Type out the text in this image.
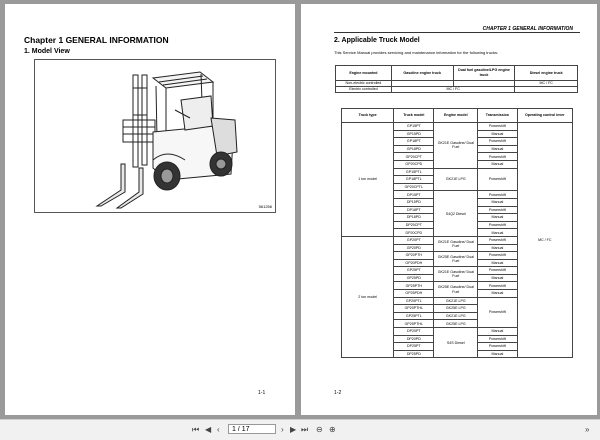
Chapter 1 GENERAL INFORMATION
1. Model View
561256
1-1
CHAPTER 1 GENERAL INFORMATION
2. Applicable Truck Model
This Service Manual provides servicing and maintenance information for the following trucks:
Engine mounted	Gasoline engine truck	Dual fuel gasoline/LPG engine truck	Diesel engine truck
Non-electric controlled			MC / FC
Electric controlled	MC / FC		
Truck type	Truck model	Engine model	Transmission	Operating control lever
1 ton model	GP15PT	GK21E Gasoline/ Dual Fuel	Powershift	MC / FC
	GP15PD		Manual	
	GP18PT		Powershift	
	GP18PD		Manual	
	GP20CPT		Powershift	
	GP20CPD		Manual	
	GP15PTL	GK21E LPG	Powershift	
	GP18PTL			
	GP20CPTL			
	DP15PT	S4Q2 Diesel	Powershift	
	DP15PD		Manual	
	DP18PT		Powershift	
	DP18PD		Manual	
	DP20CPT		Powershift	
	DP20CPD		Manual	
2 ton model	GP20PT	GK21E Gasoline/ Dual Fuel	Powershift	
	GP20PD		Manual	
	GP20PTH	GK25E Gasoline/ Dual Fuel	Powershift	
	GP20PDH		Manual	
	GP25PT	GK21E Gasoline/ Dual Fuel	Powershift	
	GP25PD		Manual	
	GP25PTH	GK25E Gasoline/ Dual Fuel	Powershift	
	GP25PDH		Manual	
	GP20PTL	GK21E LPG	Powershift	
	GP20PTHL	GK25E LPG		
	GP25PTL	GK21E LPG		
	GP25PTHL	GK25E LPG		
	DP20PT	S4S Diesel	Manual	
	DP20PD		Powershift	
	DP25PT		Powershift	
	DP25PD		Manual	
1-2
⏮ ◀ ‹
1 / 17	› ▶ ⏭ ⊖ ⊕	»
